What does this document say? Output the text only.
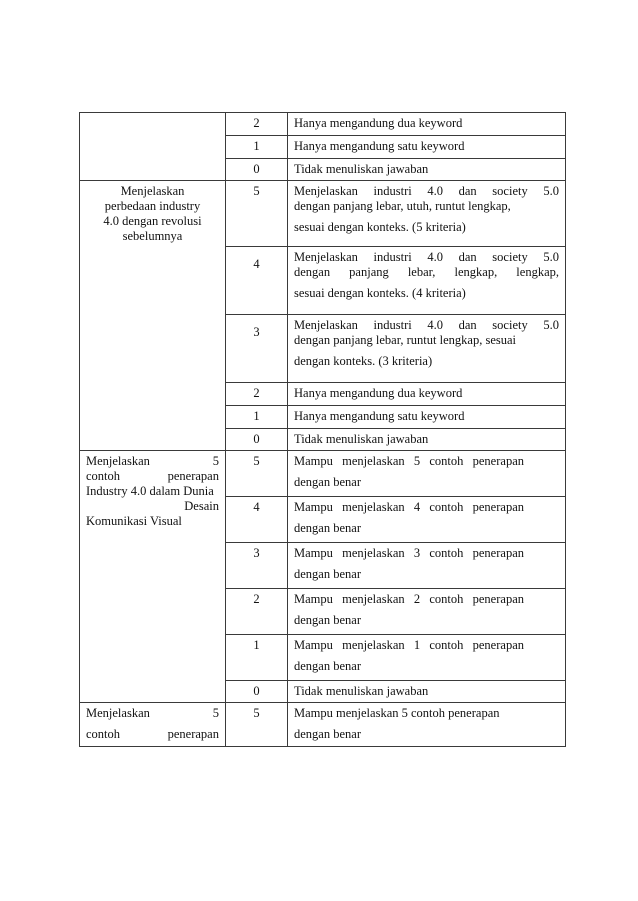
	2	Hanya mengandung dua keyword
	1	Hanya mengandung satu keyword
	0	Tidak menuliskan jawaban

Menjelaskan
perbedaan industry
4.0 dengan revolusi
sebelumnya	5	Menjelaskan industri 4.0 dan society 5.0
dengan panjang lebar, utuh, runtut lengkap,
sesuai dengan konteks. (5 kriteria)

	4	Menjelaskan industri 4.0 dan society 5.0
dengan panjang lebar, lengkap, lengkap,
sesuai dengan konteks. (4 kriteria)

	3	Menjelaskan industri 4.0 dan society 5.0
dengan panjang lebar, runtut lengkap, sesuai
dengan konteks. (3 kriteria)

	2	Hanya mengandung dua keyword
	1	Hanya mengandung satu keyword
	0	Tidak menuliskan jawaban

Menjelaskan 5
contoh penerapan
Industry 4.0 dalam Dunia
Desain
Komunikasi Visual	5	Mampu menjelaskan 5 contoh penerapan
dengan benar

	4	Mampu menjelaskan 4 contoh penerapan
dengan benar

	3	Mampu menjelaskan 3 contoh penerapan
dengan benar

	2	Mampu menjelaskan 2 contoh penerapan
dengan benar

	1	Mampu menjelaskan 1 contoh penerapan
dengan benar

	0	Tidak menuliskan jawaban

Menjelaskan 5
contoh penerapan	5	Mampu menjelaskan 5 contoh penerapan
dengan benar
